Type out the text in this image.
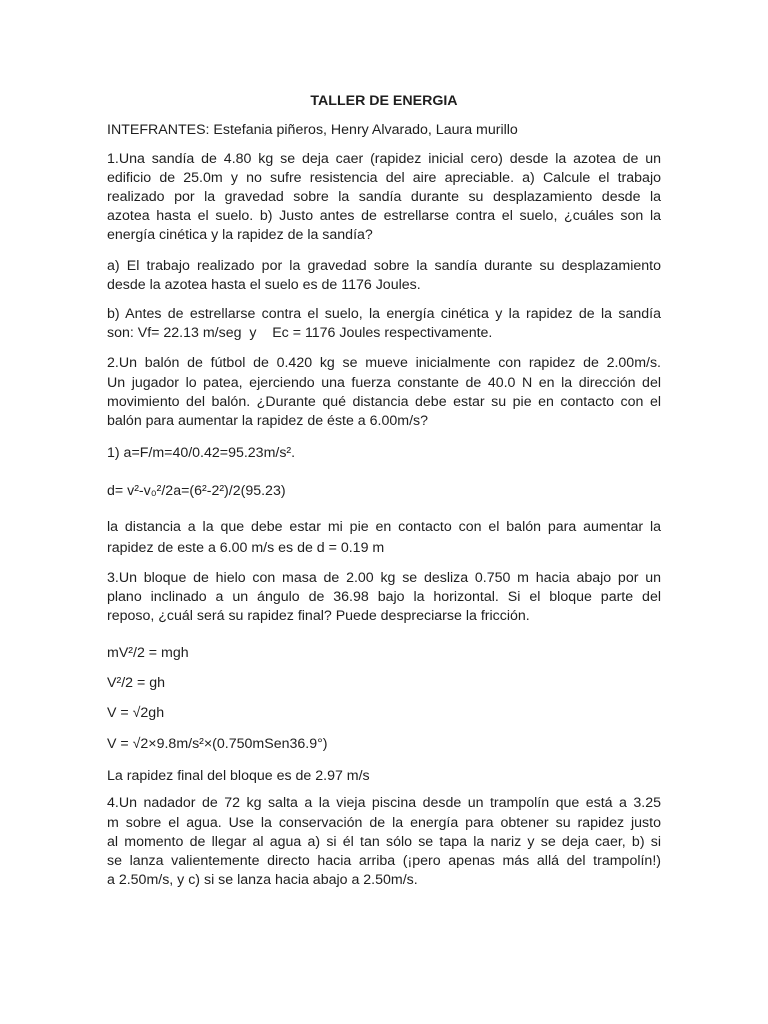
TALLER DE ENERGIA

INTEFRANTES: Estefania piñeros, Henry Alvarado, Laura murillo

1.Una sandía de 4.80 kg se deja caer (rapidez inicial cero) desde la azotea de un

edificio de 25.0m y no sufre resistencia del aire apreciable. a) Calcule el trabajo

realizado por la gravedad sobre la sandía durante su desplazamiento desde la

azotea hasta el suelo. b) Justo antes de estrellarse contra el suelo, ¿cuáles son la

energía cinética y la rapidez de la sandía?

a) El trabajo realizado por la gravedad sobre la sandía durante su desplazamiento

desde la azotea hasta el suelo es de 1176 Joules.

b) Antes de estrellarse contra el suelo, la energía cinética y la rapidez de la sandía

son: Vf= 22.13 m/seg  y    Ec = 1176 Joules respectivamente.

2.Un balón de fútbol de 0.420 kg se mueve inicialmente con rapidez de 2.00m/s.

Un jugador lo patea, ejerciendo una fuerza constante de 40.0 N en la dirección del

movimiento del balón. ¿Durante qué distancia debe estar su pie en contacto con el

balón para aumentar la rapidez de éste a 6.00m/s?

1) a=F/m=40/0.42=95.23m/s².

d= v²-v₀²/2a=(6²-2²)/2(95.23)

la distancia a la que debe estar mi pie en contacto con el balón para aumentar la

rapidez de este a 6.00 m/s es de d = 0.19 m

3.Un bloque de hielo con masa de 2.00 kg se desliza 0.750 m hacia abajo por un

plano inclinado a un ángulo de 36.98 bajo la horizontal. Si el bloque parte del

reposo, ¿cuál será su rapidez final? Puede despreciarse la fricción.

mV²/2 = mgh

V²/2 = gh

V = √2gh

V = √2×9.8m/s²×(0.750mSen36.9°)

La rapidez final del bloque es de 2.97 m/s

4.Un nadador de 72 kg salta a la vieja piscina desde un trampolín que está a 3.25

m sobre el agua. Use la conservación de la energía para obtener su rapidez justo

al momento de llegar al agua a) si él tan sólo se tapa la nariz y se deja caer, b) si

se lanza valientemente directo hacia arriba (¡pero apenas más allá del trampolín!)

a 2.50m/s, y c) si se lanza hacia abajo a 2.50m/s.
